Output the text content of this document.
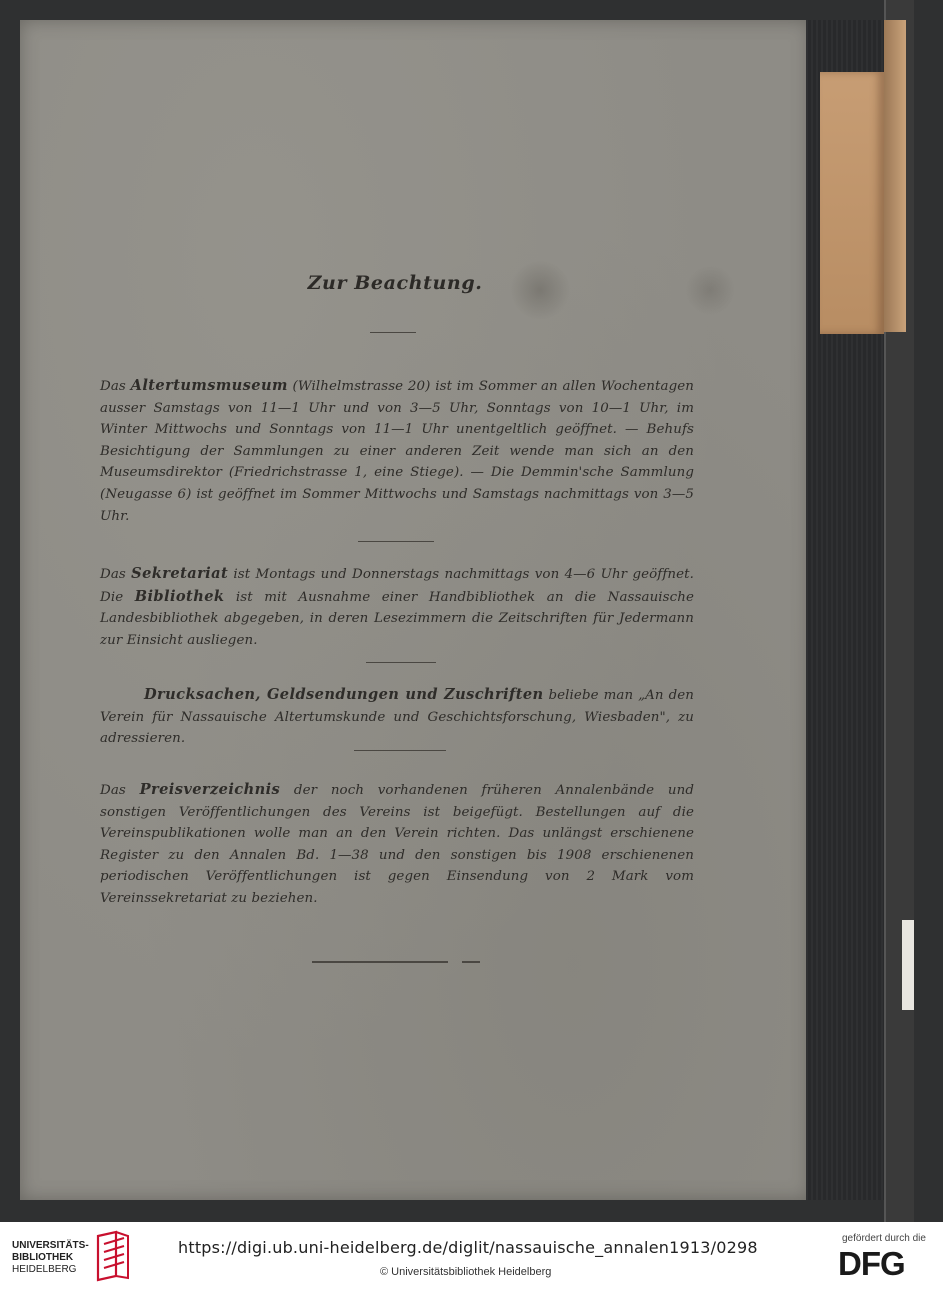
Zur Beachtung.
Das Altertumsmuseum (Wilhelmstrasse 20) ist im Sommer an allen Wochentagen ausser Samstags von 11—1 Uhr und von 3—5 Uhr, Sonntags von 10—1 Uhr, im Winter Mittwochs und Sonntags von 11—1 Uhr unentgeltlich geöffnet. — Behufs Besichtigung der Sammlungen zu einer anderen Zeit wende man sich an den Museumsdirektor (Friedrichstrasse 1, eine Stiege). — Die Demmin'sche Sammlung (Neugasse 6) ist geöffnet im Sommer Mittwochs und Samstags nachmittags von 3—5 Uhr.
Das Sekretariat ist Montags und Donnerstags nachmittags von 4—6 Uhr geöffnet. Die Bibliothek ist mit Ausnahme einer Handbibliothek an die Nassauische Landesbibliothek abgegeben, in deren Lesezimmern die Zeitschriften für Jedermann zur Einsicht ausliegen.
Drucksachen, Geldsendungen und Zuschriften beliebe man „An den Verein für Nassauische Altertumskunde und Geschichtsforschung, Wiesbaden", zu adressieren.
Das Preisverzeichnis der noch vorhandenen früheren Annalenbände und sonstigen Veröffentlichungen des Vereins ist beigefügt. Bestellungen auf die Vereinspublikationen wolle man an den Verein richten. Das unlängst erschienene Register zu den Annalen Bd. 1—38 und den sonstigen bis 1908 erschienenen periodischen Veröffentlichungen ist gegen Einsendung von 2 Mark vom Vereinssekretariat zu beziehen.
UNIVERSITÄTS-
BIBLIOTHEK
HEIDELBERG
https://digi.ub.uni-heidelberg.de/diglit/nassauische_annalen1913/0298
© Universitätsbibliothek Heidelberg
gefördert durch die
DFG
